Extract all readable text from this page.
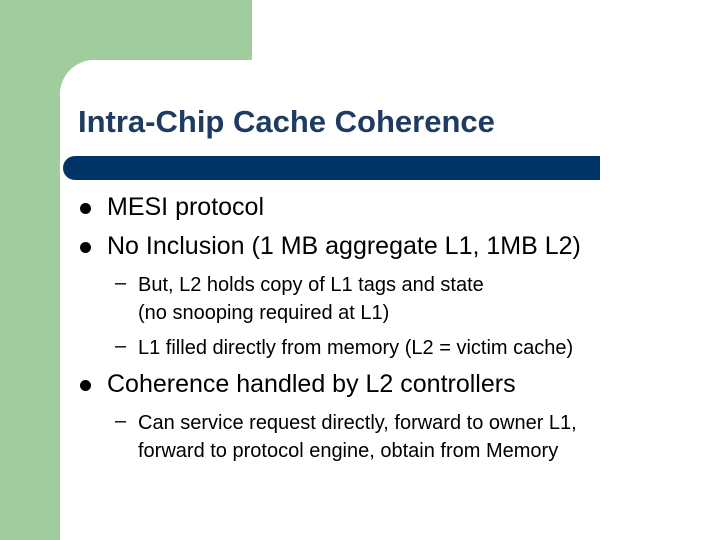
Intra-Chip Cache Coherence
MESI protocol
No Inclusion (1 MB aggregate L1, 1MB L2)
– But, L2 holds copy of L1 tags and state
(no snooping required at L1)
– L1 filled directly from memory (L2 = victim cache)
Coherence handled by L2 controllers
– Can service request directly, forward to owner L1,
forward to protocol engine, obtain from Memory
